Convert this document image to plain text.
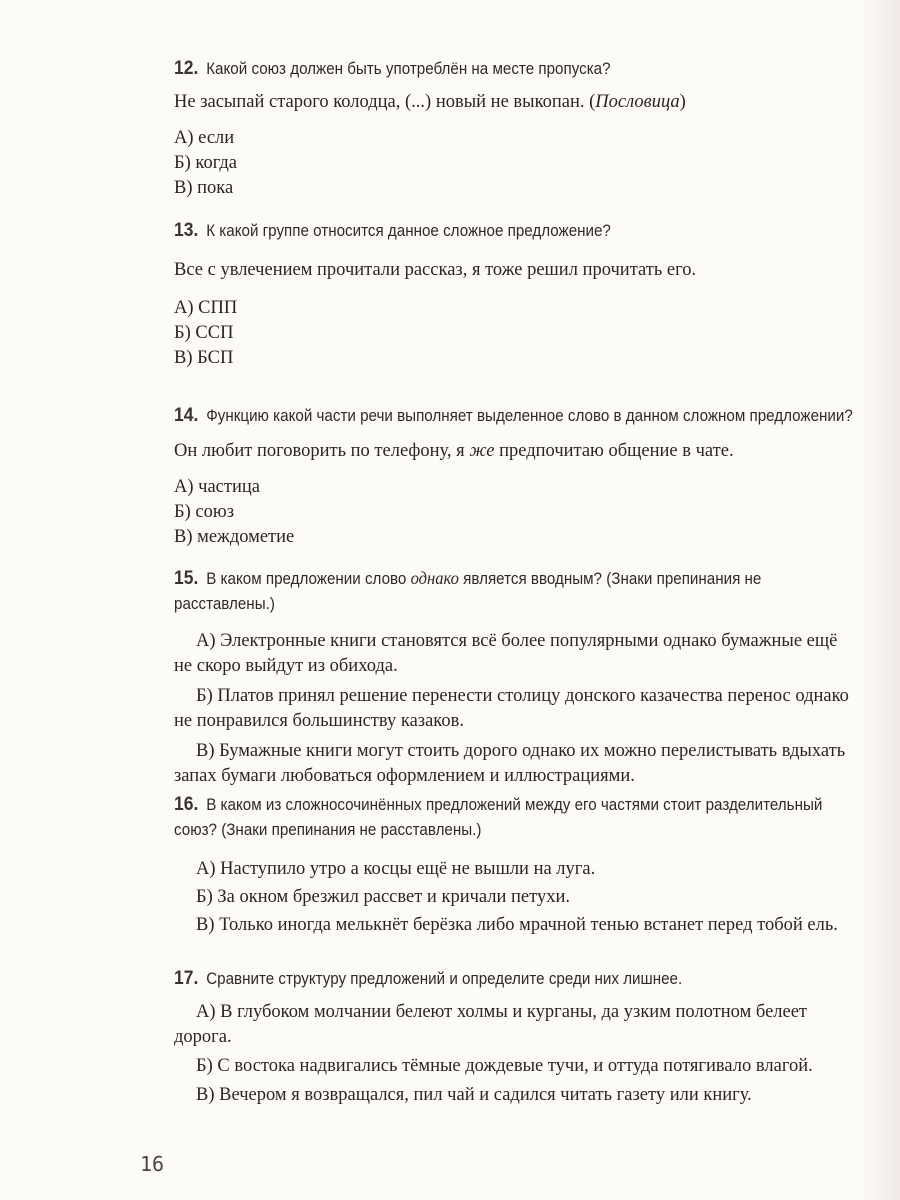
12. Какой союз должен быть употреблён на месте пропуска?
Не засыпай старого колодца, (...) новый не выкопан. (Пословица)
А) если
Б) когда
В) пока
13. К какой группе относится данное сложное предложение?
Все с увлечением прочитали рассказ, я тоже решил прочитать его.
А) СПП
Б) ССП
В) БСП
14. Функцию какой части речи выполняет выделенное слово в данном сложном предложении?
Он любит поговорить по телефону, я же предпочитаю общение в чате.
А) частица
Б) союз
В) междометие
15. В каком предложении слово однако является вводным? (Знаки препинания не расставлены.)
А) Электронные книги становятся всё более популярными однако бумажные ещё не скоро выйдут из обихода.
Б) Платов принял решение перенести столицу донского казачества перенос однако не понравился большинству казаков.
В) Бумажные книги могут стоить дорого однако их можно перелистывать вдыхать запах бумаги любоваться оформлением и иллюстрациями.
16. В каком из сложносочинённых предложений между его частями стоит разделительный союз? (Знаки препинания не расставлены.)
А) Наступило утро а косцы ещё не вышли на луга.
Б) За окном брезжил рассвет и кричали петухи.
В) Только иногда мелькнёт берёзка либо мрачной тенью встанет перед тобой ель.
17. Сравните структуру предложений и определите среди них лишнее.
А) В глубоком молчании белеют холмы и курганы, да узким полотном белеет дорога.
Б) С востока надвигались тёмные дождевые тучи, и оттуда потягивало влагой.
В) Вечером я возвращался, пил чай и садился читать газету или книгу.
16
